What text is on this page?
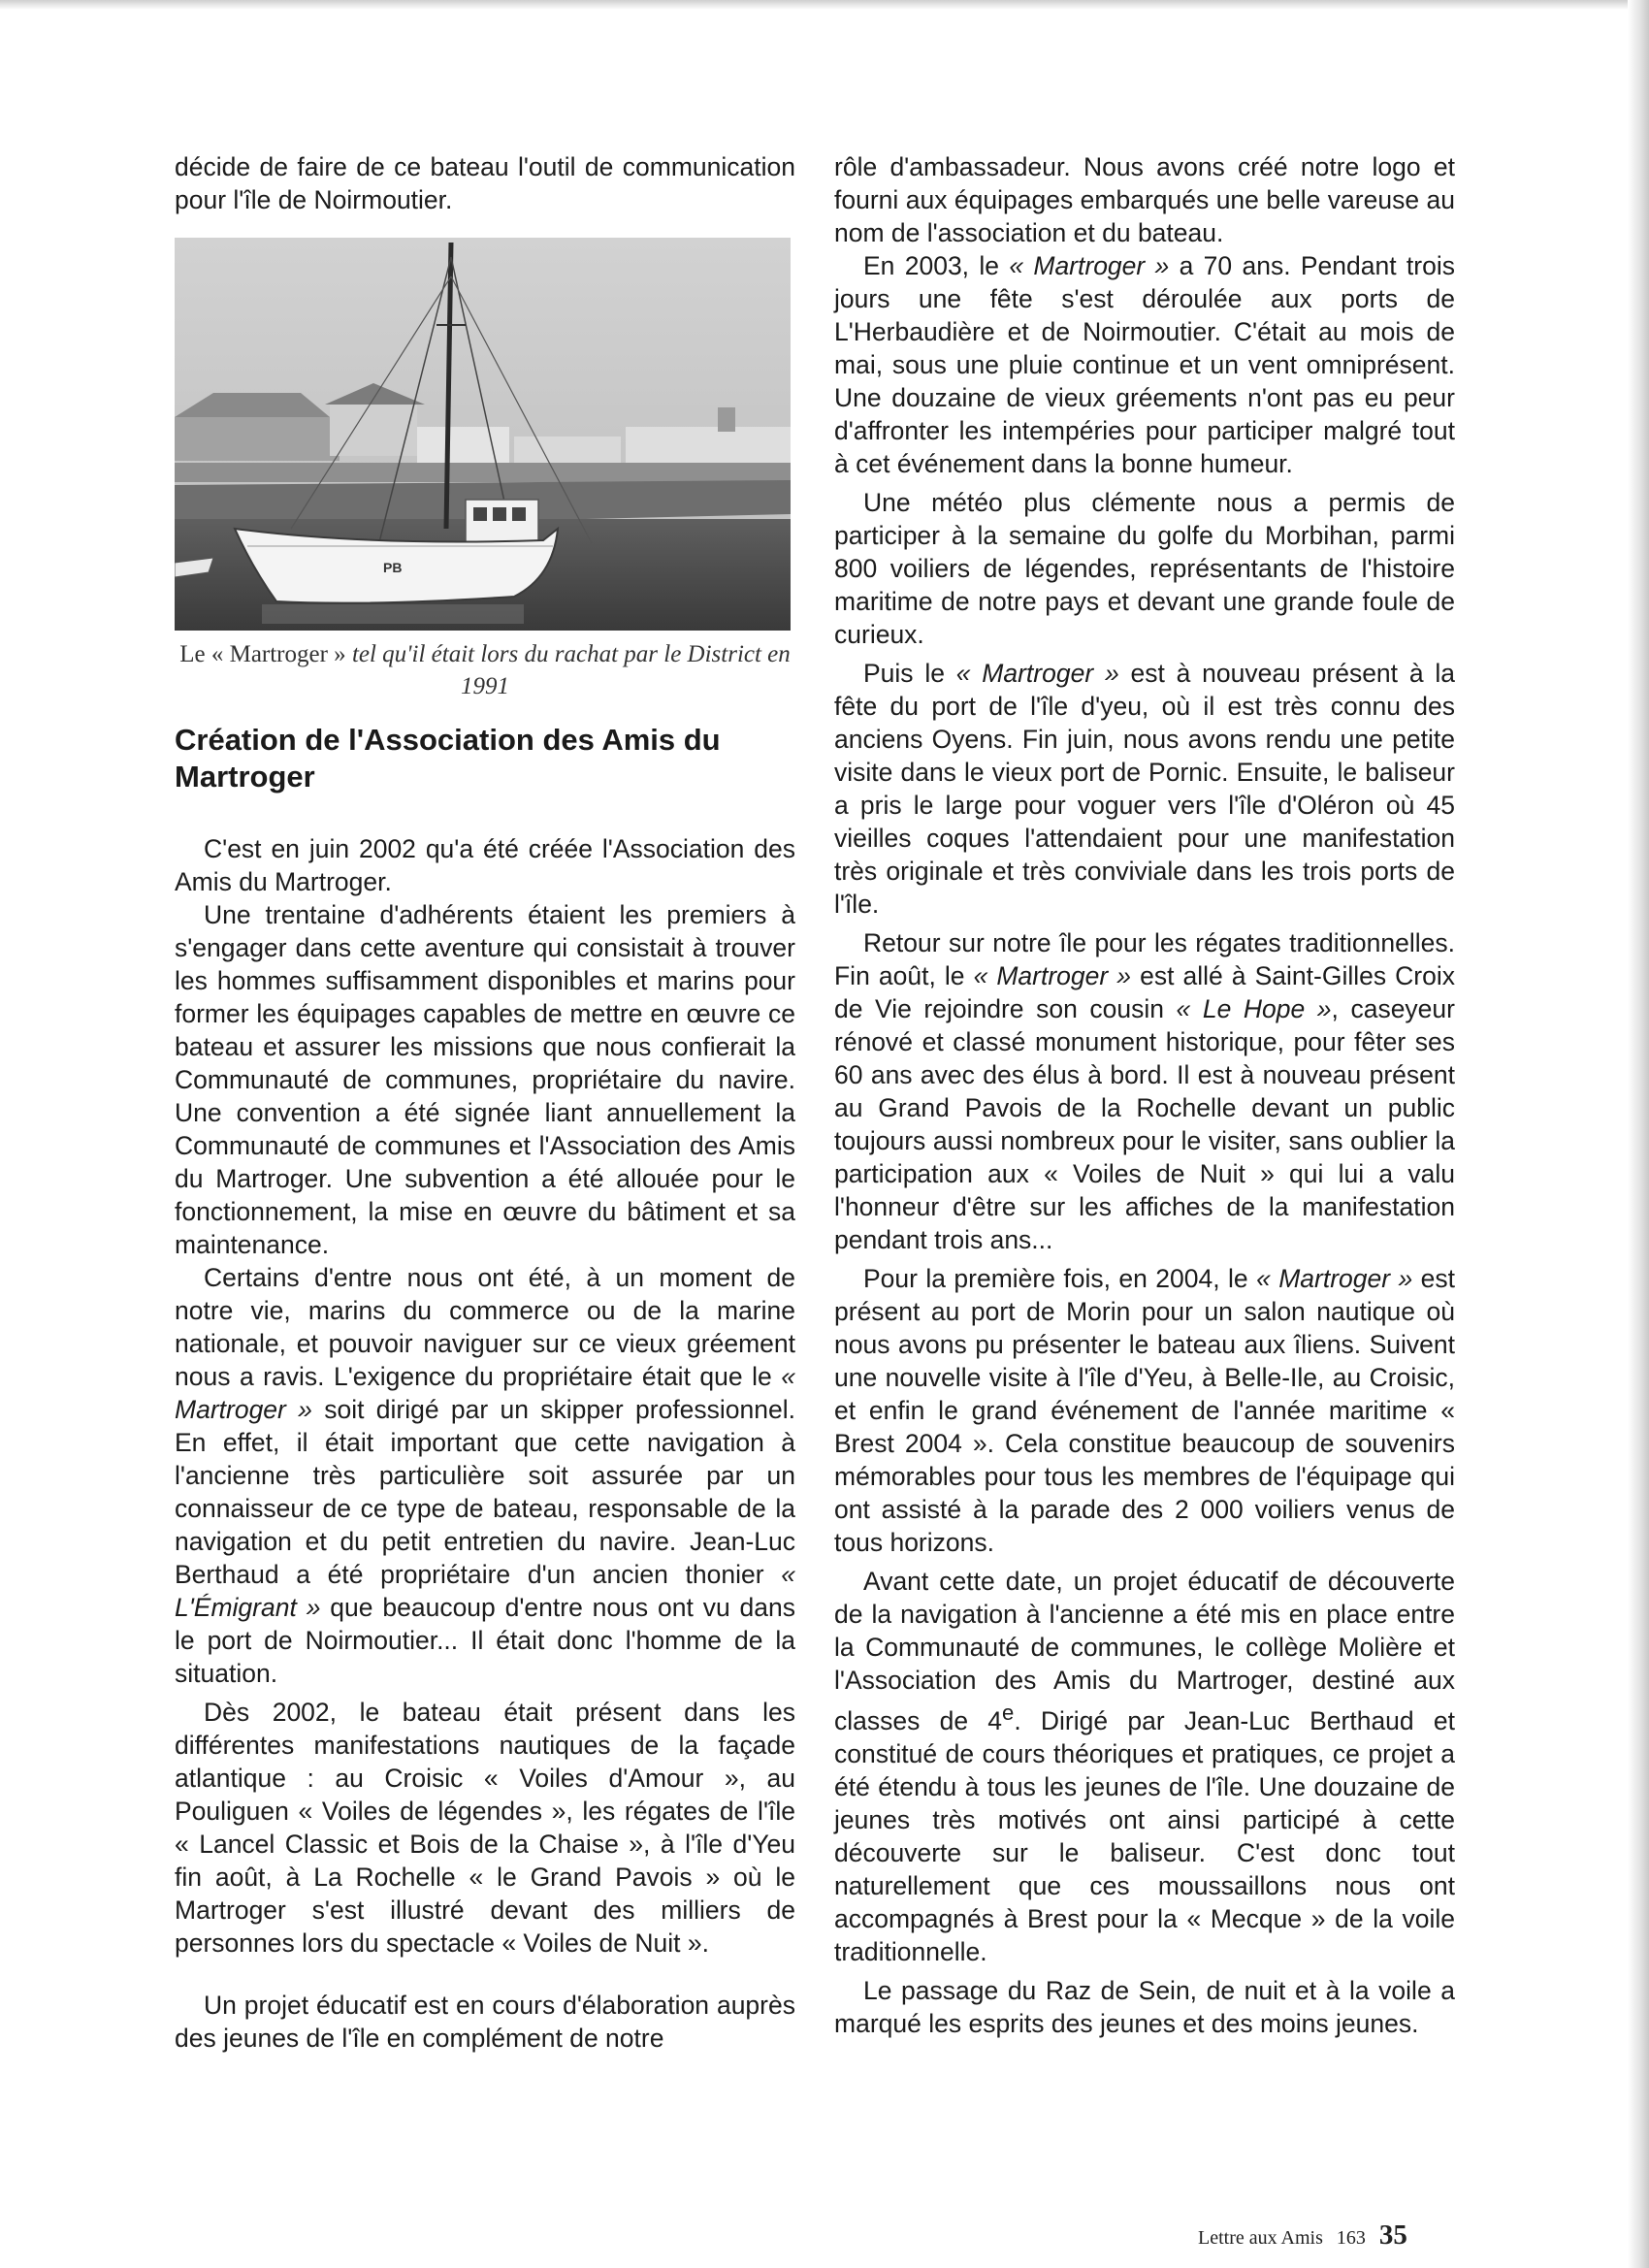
décide de faire de ce bateau l'outil de communication pour l'île de Noirmoutier.

PB

Le « Martroger » tel qu'il était lors du rachat par le District en 1991

Création de l'Association des Amis du Martroger

C'est en juin 2002 qu'a été créée l'Association des Amis du Martroger.

Une trentaine d'adhérents étaient les premiers à s'engager dans cette aventure qui consistait à trouver les hommes suffisamment disponibles et marins pour former les équipages capables de mettre en œuvre ce bateau et assurer les missions que nous confierait la Communauté de communes, propriétaire du navire. Une convention a été signée liant annuellement la Communauté de communes et l'Association des Amis du Martroger. Une subvention a été allouée pour le fonctionnement, la mise en œuvre du bâtiment et sa maintenance.

Certains d'entre nous ont été, à un moment de notre vie, marins du commerce ou de la marine nationale, et pouvoir naviguer sur ce vieux gréement nous a ravis. L'exigence du propriétaire était que le « Martroger » soit dirigé par un skipper professionnel. En effet, il était important que cette navigation à l'ancienne très particulière soit assurée par un connaisseur de ce type de bateau, responsable de la navigation et du petit entretien du navire. Jean-Luc Berthaud a été propriétaire d'un ancien thonier « L'Émigrant » que beaucoup d'entre nous ont vu dans le port de Noirmoutier... Il était donc l'homme de la situation.

Dès 2002, le bateau était présent dans les différentes manifestations nautiques de la façade atlantique : au Croisic « Voiles d'Amour », au Pouliguen « Voiles de légendes », les régates de l'île « Lancel Classic et Bois de la Chaise », à l'île d'Yeu fin août, à La Rochelle « le Grand Pavois » où le Martroger s'est illustré devant des milliers de personnes lors du spectacle « Voiles de Nuit ».

Un projet éducatif est en cours d'élaboration auprès des jeunes de l'île en complément de notre

rôle d'ambassadeur. Nous avons créé notre logo et fourni aux équipages embarqués une belle vareuse au nom de l'association et du bateau.

En 2003, le « Martroger » a 70 ans. Pendant trois jours une fête s'est déroulée aux ports de L'Herbaudière et de Noirmoutier. C'était au mois de mai, sous une pluie continue et un vent omniprésent. Une douzaine de vieux gréements n'ont pas eu peur d'affronter les intempéries pour participer malgré tout à cet événement dans la bonne humeur.

Une météo plus clémente nous a permis de participer à la semaine du golfe du Morbihan, parmi 800 voiliers de légendes, représentants de l'histoire maritime de notre pays et devant une grande foule de curieux.

Puis le « Martroger » est à nouveau présent à la fête du port de l'île d'yeu, où il est très connu des anciens Oyens. Fin juin, nous avons rendu une petite visite dans le vieux port de Pornic. Ensuite, le baliseur a pris le large pour voguer vers l'île d'Oléron où 45 vieilles coques l'attendaient pour une manifestation très originale et très conviviale dans les trois ports de l'île.

Retour sur notre île pour les régates traditionnelles. Fin août, le « Martroger » est allé à Saint-Gilles Croix de Vie rejoindre son cousin « Le Hope », caseyeur rénové et classé monument historique, pour fêter ses 60 ans avec des élus à bord. Il est à nouveau présent au Grand Pavois de la Rochelle devant un public toujours aussi nombreux pour le visiter, sans oublier la participation aux « Voiles de Nuit » qui lui a valu l'honneur d'être sur les affiches de la manifestation pendant trois ans...

Pour la première fois, en 2004, le « Martroger » est présent au port de Morin pour un salon nautique où nous avons pu présenter le bateau aux îliens. Suivent une nouvelle visite à l'île d'Yeu, à Belle-Ile, au Croisic, et enfin le grand événement de l'année maritime « Brest 2004 ». Cela constitue beaucoup de souvenirs mémorables pour tous les membres de l'équipage qui ont assisté à la parade des 2 000 voiliers venus de tous horizons.

Avant cette date, un projet éducatif de découverte de la navigation à l'ancienne a été mis en place entre la Communauté de communes, le collège Molière et l'Association des Amis du Martroger, destiné aux classes de 4e. Dirigé par Jean-Luc Berthaud et constitué de cours théoriques et pratiques, ce projet a été étendu à tous les jeunes de l'île. Une douzaine de jeunes très motivés ont ainsi participé à cette découverte sur le baliseur. C'est donc tout naturellement que ces moussaillons nous ont accompagnés à Brest pour la « Mecque » de la voile traditionnelle.

Le passage du Raz de Sein, de nuit et à la voile a marqué les esprits des jeunes et des moins jeunes.

Lettre aux Amis 163 35
